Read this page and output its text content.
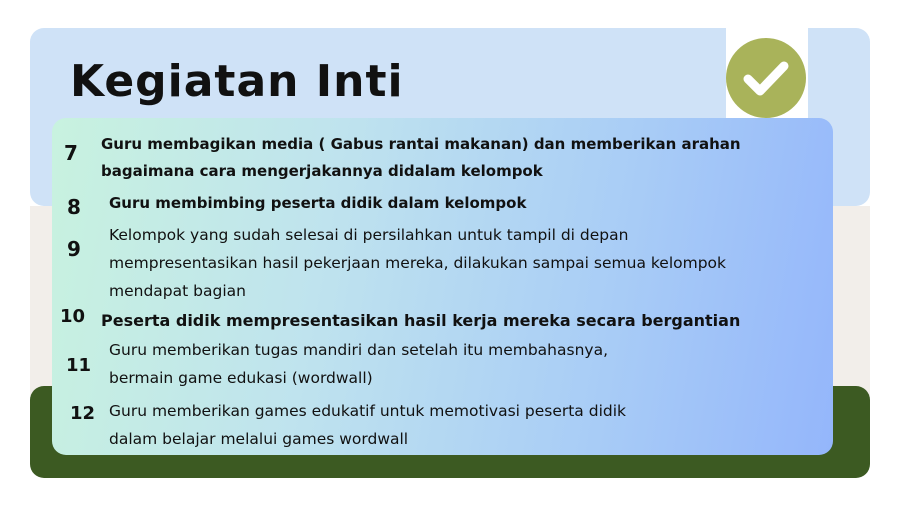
Kegiatan Inti
7 Guru membagikan media ( Gabus rantai makanan) dan memberikan arahan
bagaimana cara mengerjakannya didalam kelompok
8 Guru membimbing peserta didik dalam kelompok
9
Kelompok yang sudah selesai di persilahkan untuk tampil di depan
mempresentasikan hasil pekerjaan mereka, dilakukan sampai semua kelompok
mendapat bagian
10 Peserta didik mempresentasikan hasil kerja mereka secara bergantian
11
Guru memberikan tugas mandiri dan setelah itu membahasnya,
bermain game edukasi (wordwall)
12 Guru memberikan games edukatif untuk memotivasi peserta didik
dalam belajar melalui games wordwall
